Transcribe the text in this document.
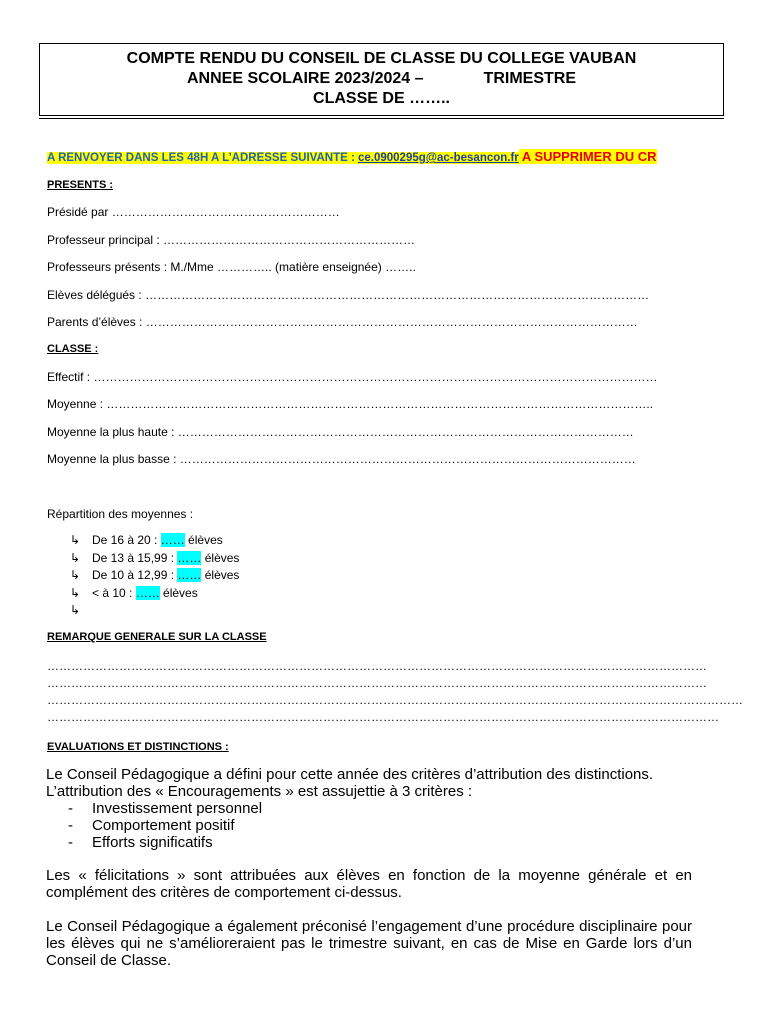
COMPTE RENDU DU CONSEIL DE CLASSE DU COLLEGE VAUBAN
ANNEE SCOLAIRE 2023/2024 –	TRIMESTRE
CLASSE DE ……..
A RENVOYER DANS LES 48H A L’ADRESSE SUIVANTE : ce.0900295g@ac-besancon.fr A SUPPRIMER DU CR
PRESENTS :
Présidé par …………………………………………………
Professeur principal : ………………………………………………………
Professeurs présents : M./Mme ………….. (matière enseignée) ……..
Elèves délégués : ………………………………………………………………………………………………………………
Parents d’élèves : ……………………………………………………………………………………………………………
CLASSE :
Effectif : ……………………………………………………………………………………………………………………………
Moyenne : ………………………………………………………………………………………………………………………..
Moyenne la plus haute : ……………………………………………………………………………………………………
Moyenne la plus basse : ……………………………………………………………………………………………………
Répartition des moyennes :
↳ De 16 à 20 : …… élèves
↳ De 13 à 15,99 : …… élèves
↳ De 10 à 12,99 : …… élèves
↳ < à 10 : …… élèves
↳
REMARQUE GENERALE SUR LA CLASSE
…………………………………………………………………………………………………………………………………………………
…………………………………………………………………………………………………………………………………………………
…………………………………………………………………………………………………………………………………………………………
……………………………………………………………………………………………………………………………………………………
EVALUATIONS ET DISTINCTIONS :
Le Conseil Pédagogique a défini pour cette année des critères d’attribution des distinctions.
L’attribution des « Encouragements » est assujettie à 3 critères :
- Investissement personnel
- Comportement positif
- Efforts significatifs
Les « félicitations » sont attribuées aux élèves en fonction de la moyenne générale et en complément des critères de comportement ci-dessus.
Le Conseil Pédagogique a également préconisé l’engagement d’une procédure disciplinaire pour les élèves qui ne s’amélioreraient pas le trimestre suivant, en cas de Mise en Garde lors d’un Conseil de Classe.
